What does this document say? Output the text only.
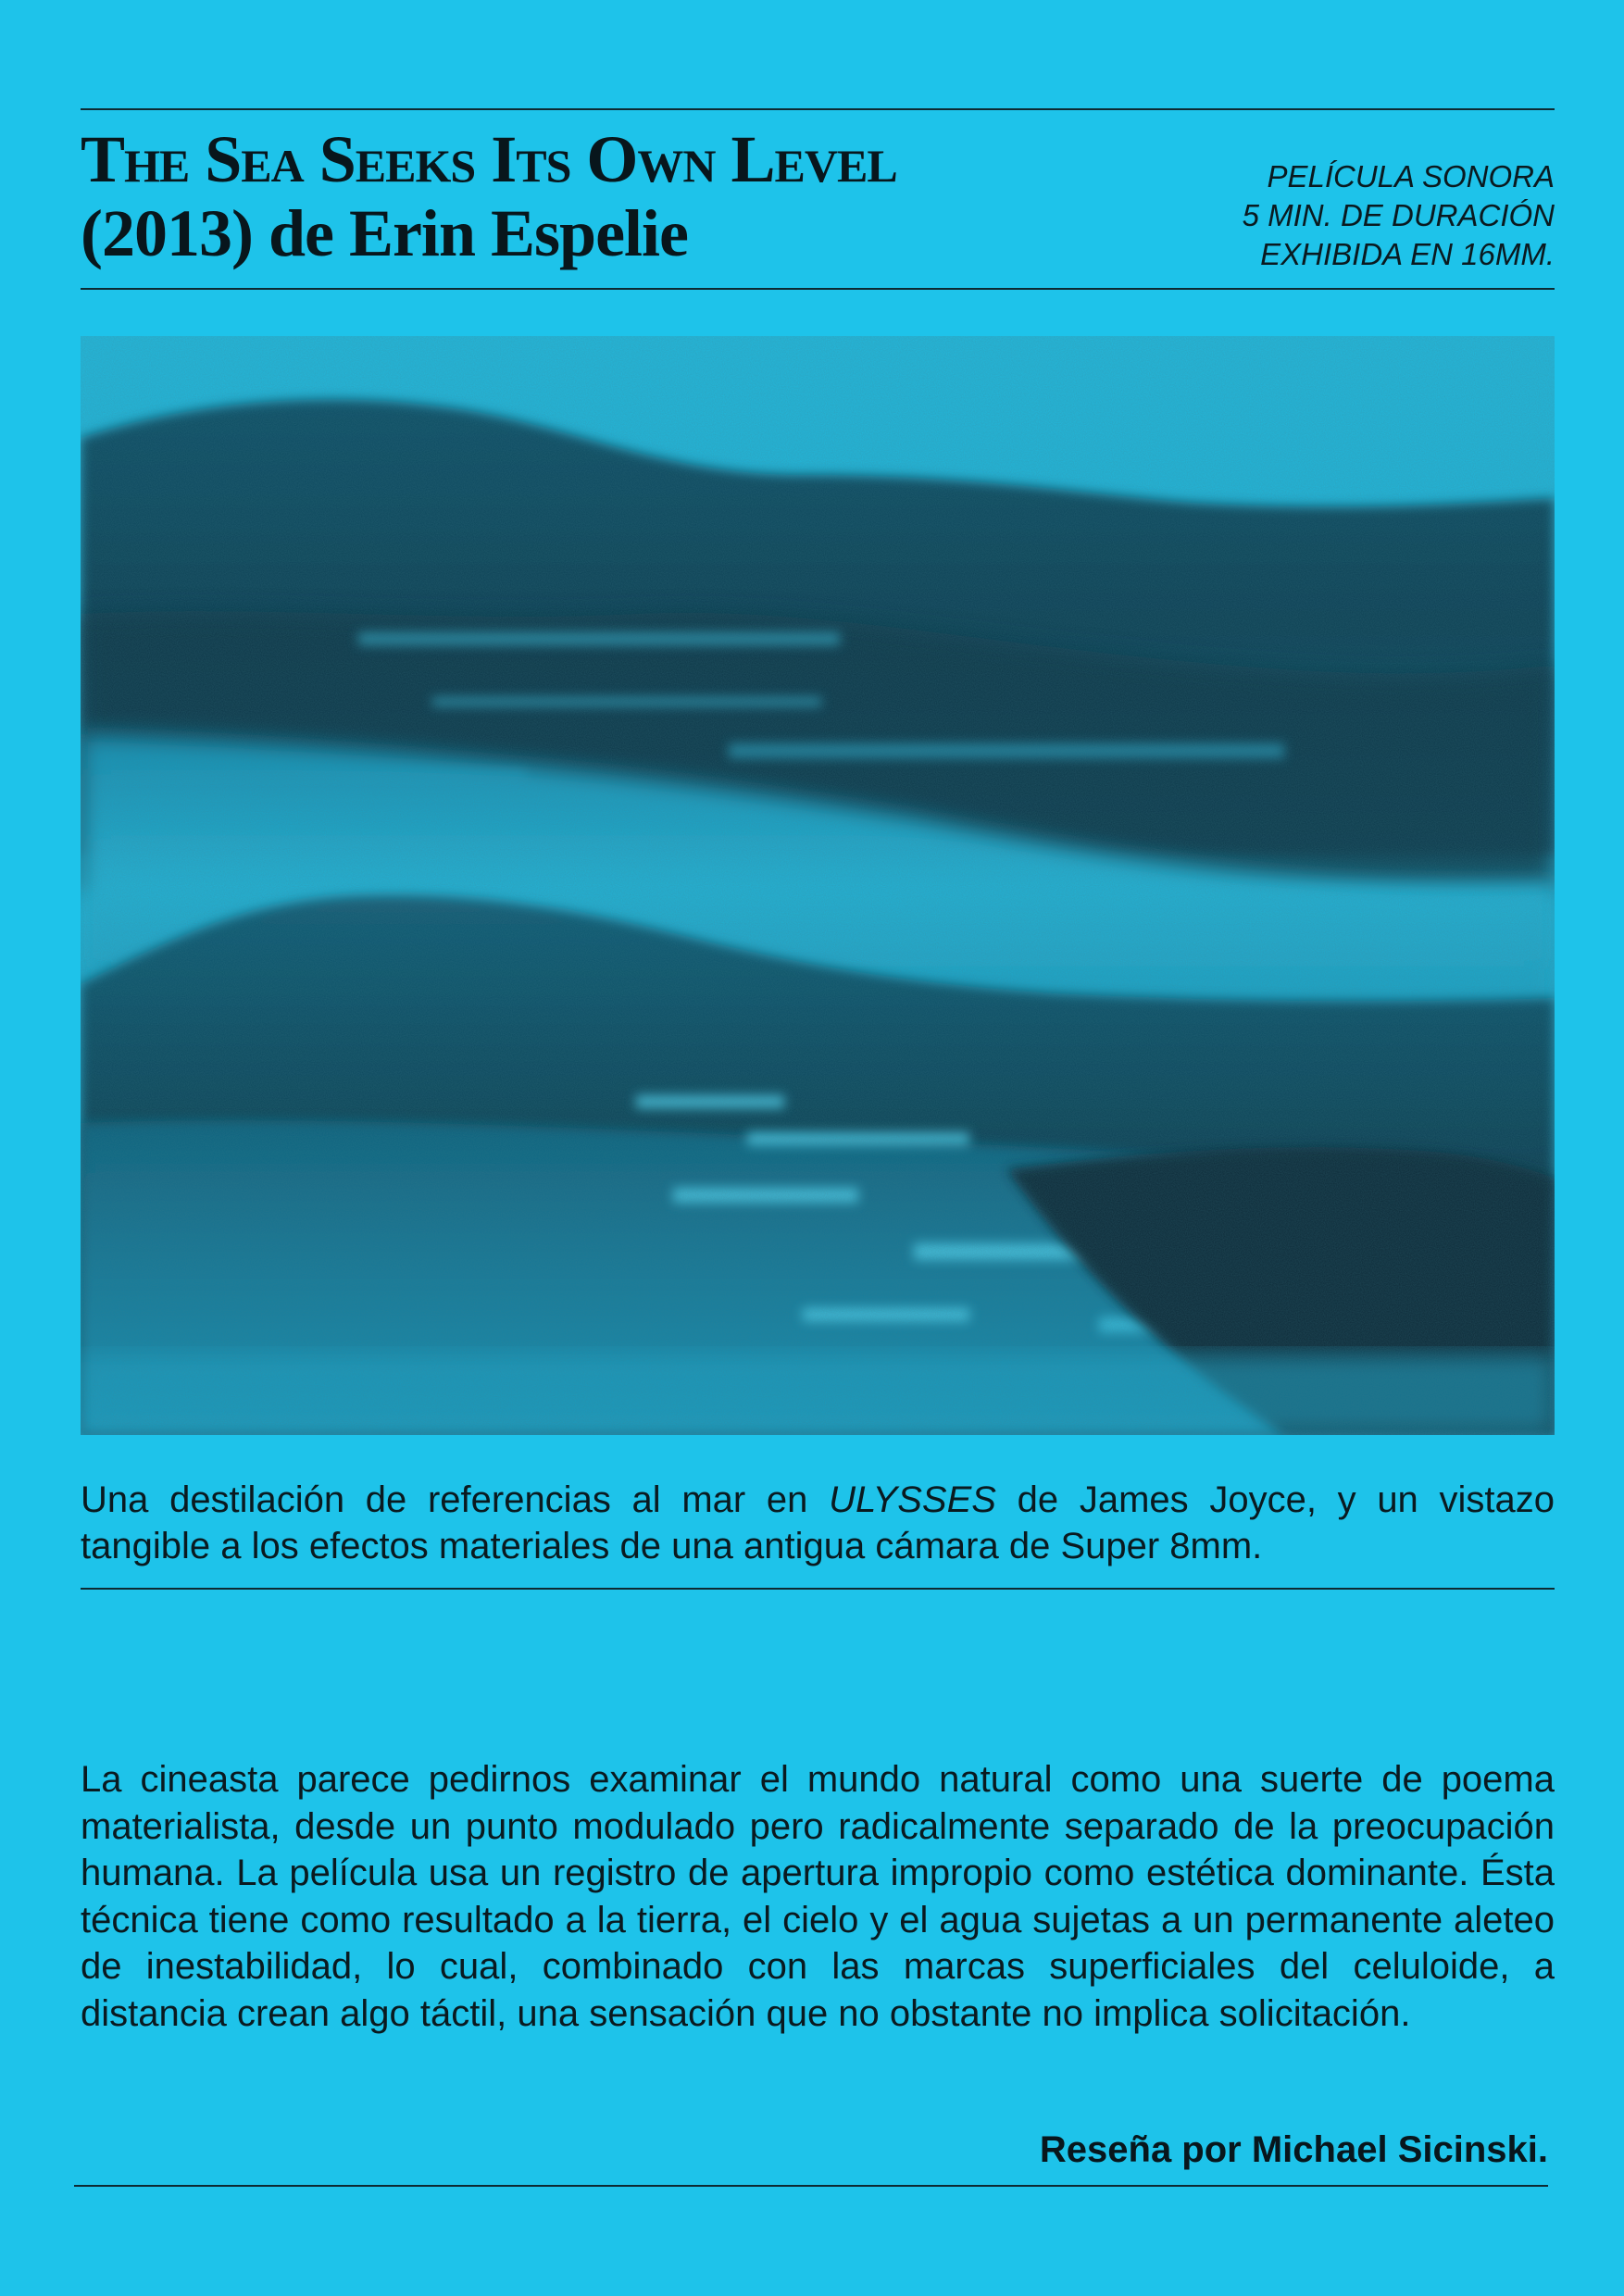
The Sea Seeks Its Own Level
(2013) de Erin Espelie
PELÍCULA SONORA
5 MIN. DE DURACIÓN
EXHIBIDA EN 16MM.
Una destilación de referencias al mar en ULYSSES de James Joyce, y un vistazo tangible a los efectos materiales de una antigua cámara de Super 8mm.
La cineasta parece pedirnos examinar el mundo natural como una suerte de poema materialista, desde un punto modulado pero radicalmente separado de la preocupación humana. La película usa un registro de apertura impropio como estética dominante. Ésta técnica tiene como resultado a la tierra, el cielo y el agua sujetas a un permanente aleteo de inestabilidad, lo cual, combinado con las marcas superficiales del celuloide, a distancia crean algo táctil, una sensación que no obstante no implica solicitación.
Reseña por Michael Sicinski.
